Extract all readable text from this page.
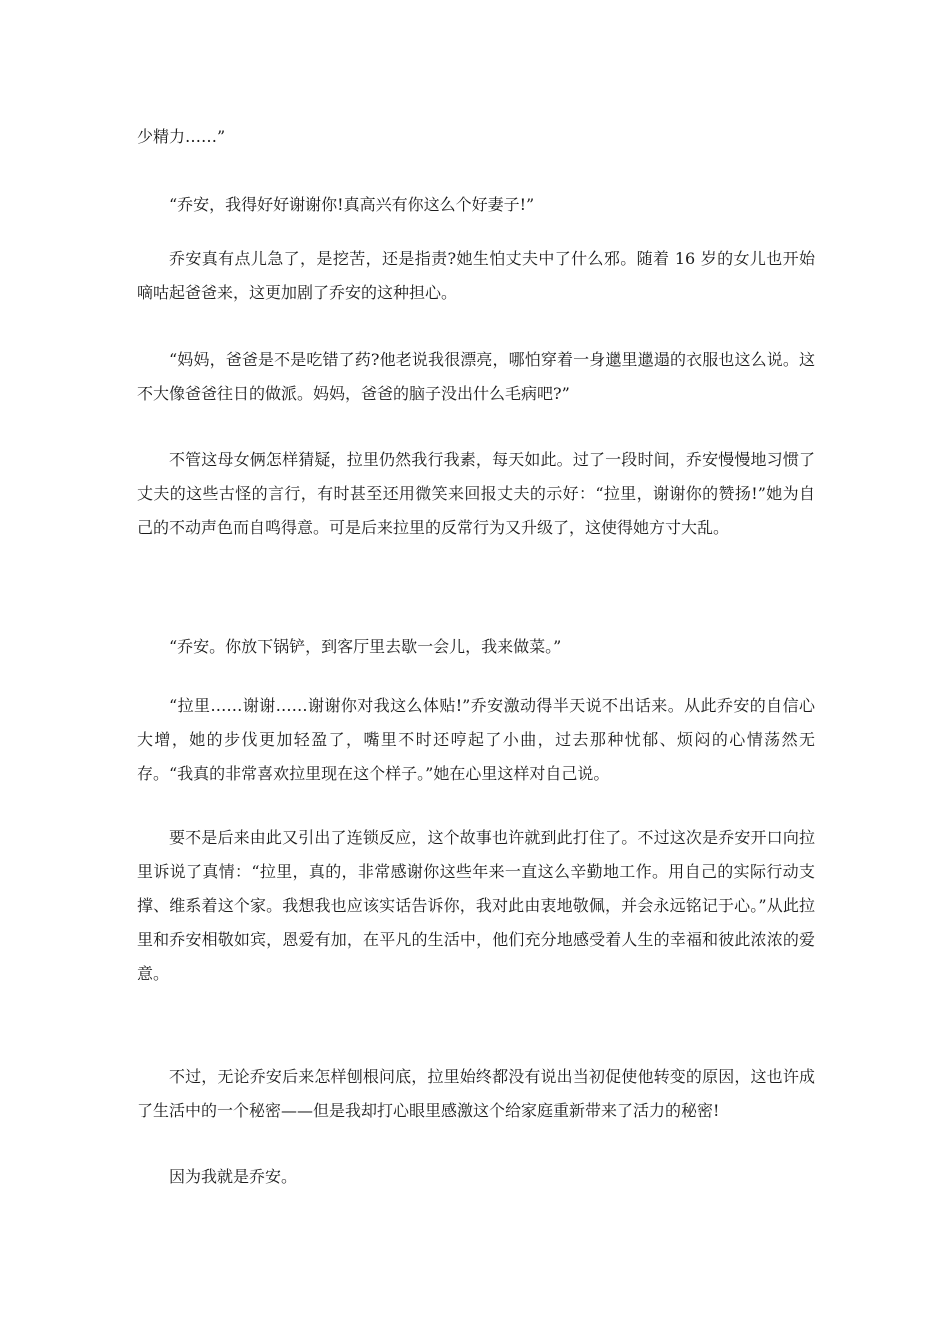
少精力……”

“乔安，我得好好谢谢你!真高兴有你这么个好妻子!”

乔安真有点儿急了，是挖苦，还是指责?她生怕丈夫中了什么邪。随着 16 岁的女儿也开始嘀咕起爸爸来，这更加剧了乔安的这种担心。

“妈妈，爸爸是不是吃错了药?他老说我很漂亮，哪怕穿着一身邋里邋遢的衣服也这么说。这不大像爸爸往日的做派。妈妈，爸爸的脑子没出什么毛病吧?”

不管这母女俩怎样猜疑，拉里仍然我行我素，每天如此。过了一段时间，乔安慢慢地习惯了丈夫的这些古怪的言行，有时甚至还用微笑来回报丈夫的示好：“拉里，谢谢你的赞扬!”她为自己的不动声色而自鸣得意。可是后来拉里的反常行为又升级了，这使得她方寸大乱。

“乔安。你放下锅铲，到客厅里去歇一会儿，我来做菜。”

“拉里……谢谢……谢谢你对我这么体贴!”乔安激动得半天说不出话来。从此乔安的自信心大增，她的步伐更加轻盈了，嘴里不时还哼起了小曲，过去那种忧郁、烦闷的心情荡然无存。“我真的非常喜欢拉里现在这个样子。”她在心里这样对自己说。

要不是后来由此又引出了连锁反应，这个故事也许就到此打住了。不过这次是乔安开口向拉里诉说了真情：“拉里，真的，非常感谢你这些年来一直这么辛勤地工作。用自己的实际行动支撑、维系着这个家。我想我也应该实话告诉你，我对此由衷地敬佩，并会永远铭记于心。”从此拉里和乔安相敬如宾，恩爱有加，在平凡的生活中，他们充分地感受着人生的幸福和彼此浓浓的爱意。

不过，无论乔安后来怎样刨根问底，拉里始终都没有说出当初促使他转变的原因，这也许成了生活中的一个秘密——但是我却打心眼里感激这个给家庭重新带来了活力的秘密!

因为我就是乔安。
